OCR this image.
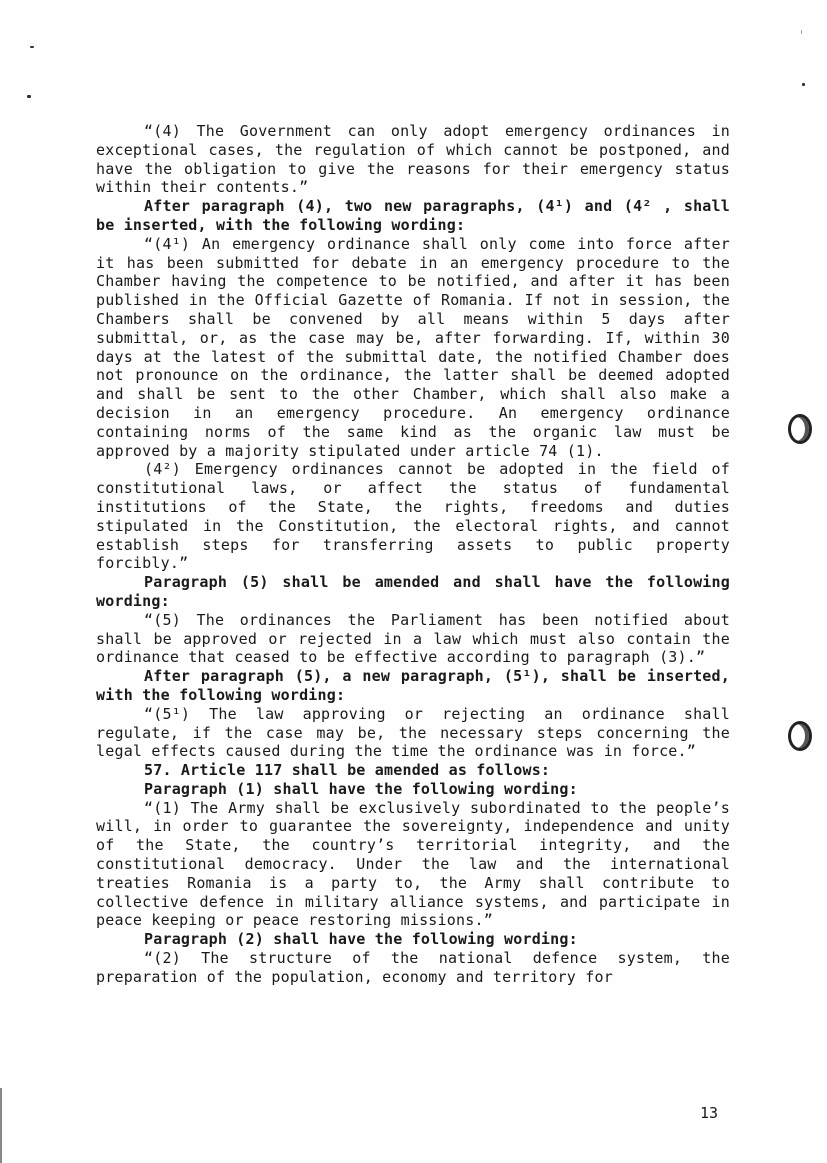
“(4) The Government can only adopt emergency ordinances in exceptional cases, the regulation of which cannot be postponed, and have the obligation to give the reasons for their emergency status within their contents.”

After paragraph (4), two new paragraphs, (4¹) and (4² , shall be inserted, with the following wording:

“(4¹) An emergency ordinance shall only come into force after it has been submitted for debate in an emergency procedure to the Chamber having the competence to be notified, and after it has been published in the Official Gazette of Romania. If not in session, the Chambers shall be convened by all means within 5 days after submittal, or, as the case may be, after forwarding. If, within 30 days at the latest of the submittal date, the notified Chamber does not pronounce on the ordinance, the latter shall be deemed adopted and shall be sent to the other Chamber, which shall also make a decision in an emergency procedure. An emergency ordinance containing norms of the same kind as the organic law must be approved by a majority stipulated under article 74 (1).

(4²) Emergency ordinances cannot be adopted in the field of constitutional laws, or affect the status of fundamental institutions of the State, the rights, freedoms and duties stipulated in the Constitution, the electoral rights, and cannot establish steps for transferring assets to public property forcibly.”

Paragraph (5) shall be amended and shall have the following wording:

“(5) The ordinances the Parliament has been notified about shall be approved or rejected in a law which must also contain the ordinance that ceased to be effective according to paragraph (3).”

After paragraph (5), a new paragraph, (5¹), shall be inserted, with the following wording:

“(5¹) The law approving or rejecting an ordinance shall regulate, if the case may be, the necessary steps concerning the legal effects caused during the time the ordinance was in force.”

57. Article 117 shall be amended as follows:

Paragraph (1) shall have the following wording:

“(1) The Army shall be exclusively subordinated to the people’s will, in order to guarantee the sovereignty, independence and unity of the State, the country’s territorial integrity, and the constitutional democracy. Under the law and the international treaties Romania is a party to, the Army shall contribute to collective defence in military alliance systems, and participate in peace keeping or peace restoring missions.”

Paragraph (2) shall have the following wording:

“(2) The structure of the national defence system, the preparation of the population, economy and territory for

13
